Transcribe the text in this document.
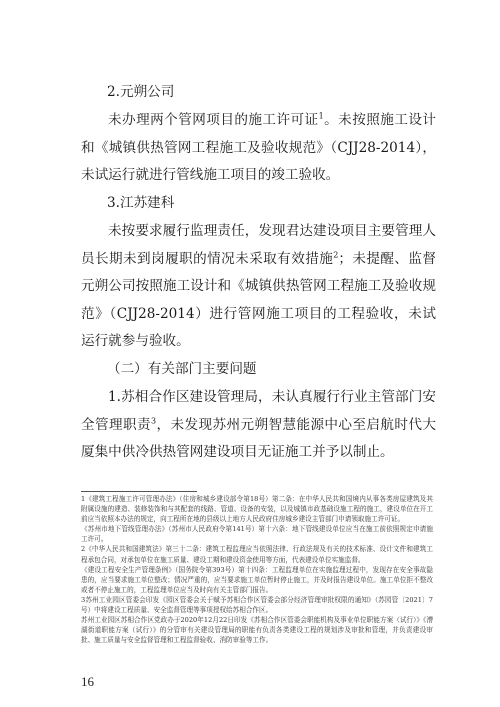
2.元朔公司

未办理两个管网项目的施工许可证$^1$。未按照施工设计和《城镇供热管网工程施工及验收规范》（CJJ28-2014），未试运行就进行管线施工项目的竣工验收。

3.江苏建科

未按要求履行监理责任，发现君达建设项目主要管理人员长期未到岗履职的情况未采取有效措施$^2$；未提醒、监督元朔公司按照施工设计和《城镇供热管网工程施工及验收规范》（CJJ28-2014）进行管网施工项目的工程验收，未试运行就参与验收。

（二）有关部门主要问题

1.苏相合作区建设管理局，未认真履行行业主管部门安全管理职责$^3$，未发现苏州元朔智慧能源中心至启航时代大厦集中供冷供热管网建设项目无证施工并予以制止。

1《建筑工程施工许可管理办法》（住房和城乡建设部令第18号）第二条：在中华人民共和国境内从事各类房屋建筑及其附属设施的建造、装修装饰和与其配套的线路、管道、设备的安装，以及城镇市政基础设施工程的施工，建设单位在开工前应当依照本办法的规定，向工程所在地的县级以上地方人民政府住房城乡建设主管部门申请领取施工许可证。

《苏州市地下管线管理办法》（苏州市人民政府令第141号）第十六条：地下管线建设单位应当在施工前依照规定申请施工许可。

2《中华人民共和国建筑法》第三十二条：建筑工程监理应当依照法律、行政法规及有关的技术标准、设计文件和建筑工程承包合同，对承包单位在施工质量、建设工期和建设资金使用等方面，代表建设单位实施监督。

《建设工程安全生产管理条例》（国务院令第393号）第十四条：工程监理单位在实施监理过程中，发现存在安全事故隐患的，应当要求施工单位整改；情况严重的，应当要求施工单位暂时停止施工，并及时报告建设单位。施工单位拒不整改或者不停止施工的，工程监理单位应当及时向有关主管部门报告。

3苏州工业园区管委会印发《园区管委会关于赋予苏相合作区管委会部分经济管理审批权限的通知》（苏园管〔2021〕7号）中将建设工程质量、安全监督管理等事项授权给苏相合作区。

苏州工业园区苏相合作区党政办于2020年12月22日印发《苏相合作区管委会职能机构及事业单位职能方案（试行）》《漕湖街道职能方案（试行）》的分管审有关建设管理局的职能有负责各类建设工程的规划涉及审批和管理，并负责建设审批、施工质量与安全监督管理和工程监督验收、消防审验等工作。

16
